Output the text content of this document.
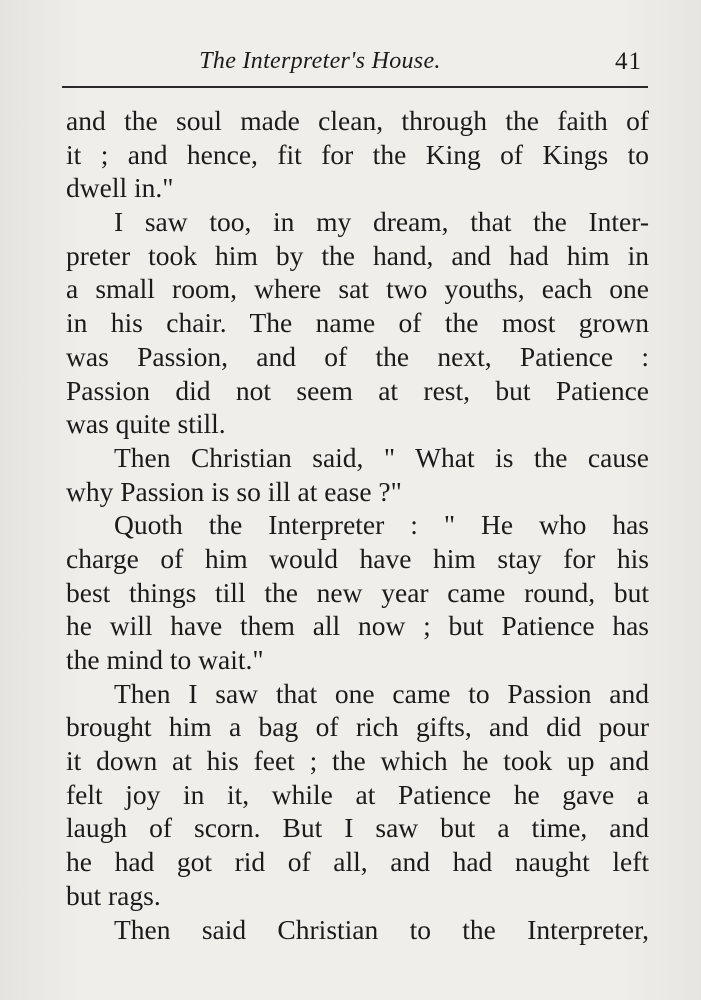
The Interpreter's House.	41
and the soul made clean, through the faith of
it ; and hence, fit for the King of Kings to
dwell in."
I saw too, in my dream, that the Inter-
preter took him by the hand, and had him in
a small room, where sat two youths, each one
in his chair. The name of the most grown
was Passion, and of the next, Patience :
Passion did not seem at rest, but Patience
was quite still.
Then Christian said, " What is the cause
why Passion is so ill at ease ?"
Quoth the Interpreter : " He who has
charge of him would have him stay for his
best things till the new year came round, but
he will have them all now ; but Patience has
the mind to wait."
Then I saw that one came to Passion and
brought him a bag of rich gifts, and did pour
it down at his feet ; the which he took up and
felt joy in it, while at Patience he gave a
laugh of scorn. But I saw but a time, and
he had got rid of all, and had naught left
but rags.
Then said Christian to the Interpreter,
